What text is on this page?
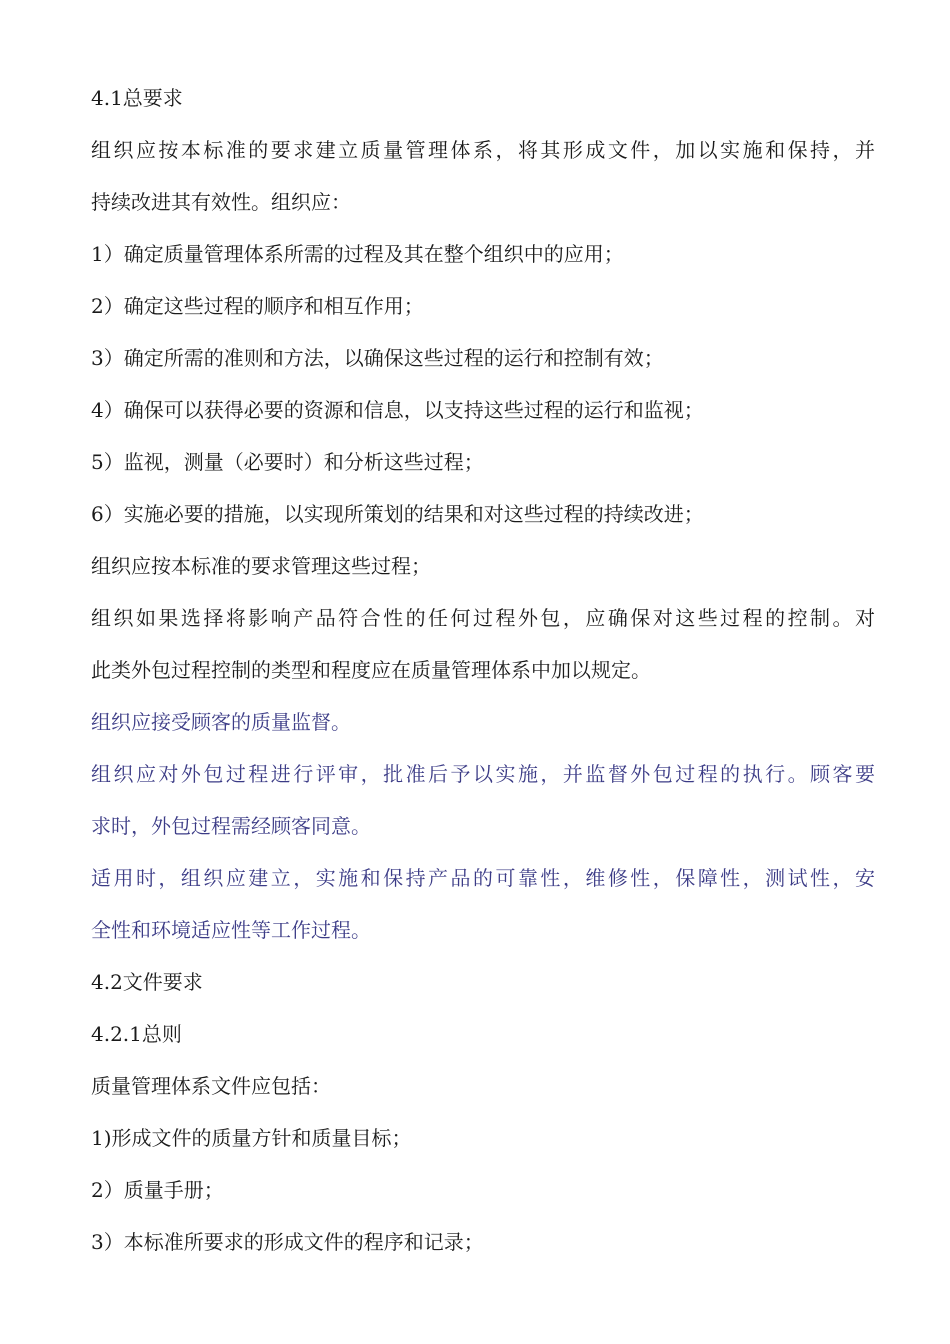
4.1总要求

组织应按本标准的要求建立质量管理体系，将其形成文件，加以实施和保持，并

持续改进其有效性。组织应：

1）确定质量管理体系所需的过程及其在整个组织中的应用；

2）确定这些过程的顺序和相互作用；

3）确定所需的准则和方法，以确保这些过程的运行和控制有效；

4）确保可以获得必要的资源和信息，以支持这些过程的运行和监视；

5）监视，测量（必要时）和分析这些过程；

6）实施必要的措施，以实现所策划的结果和对这些过程的持续改进；

组织应按本标准的要求管理这些过程；

组织如果选择将影响产品符合性的任何过程外包，应确保对这些过程的控制。对

此类外包过程控制的类型和程度应在质量管理体系中加以规定。

组织应接受顾客的质量监督。

组织应对外包过程进行评审，批准后予以实施，并监督外包过程的执行。顾客要

求时，外包过程需经顾客同意。

适用时，组织应建立，实施和保持产品的可靠性，维修性，保障性，测试性，安

全性和环境适应性等工作过程。

4.2文件要求

4.2.1总则

质量管理体系文件应包括：

1)形成文件的质量方针和质量目标；

2）质量手册；

3）本标准所要求的形成文件的程序和记录；
